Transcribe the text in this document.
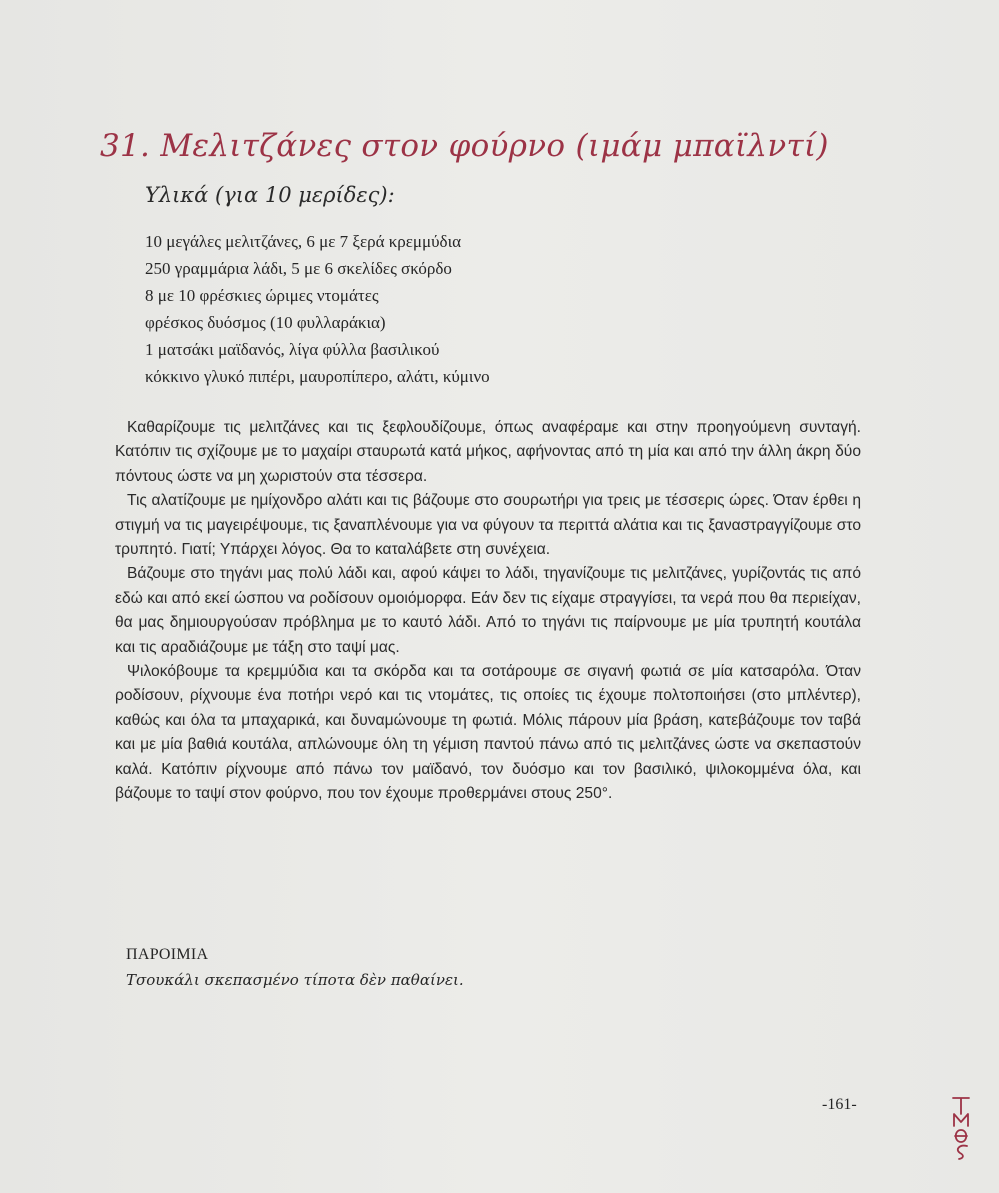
31. Μελιτζάνες στον φούρνο (ιμάμ μπαϊλντί)
Υλικά (για 10 μερίδες):
10 μεγάλες μελιτζάνες, 6 με 7 ξερά κρεμμύδια
250 γραμμάρια λάδι, 5 με 6 σκελίδες σκόρδο
8 με 10 φρέσκιες ώριμες ντομάτες
φρέσκος δυόσμος (10 φυλλαράκια)
1 ματσάκι μαϊδανός, λίγα φύλλα βασιλικού
κόκκινο γλυκό πιπέρι, μαυροπίπερο, αλάτι, κύμινο

Καθαρίζουμε τις μελιτζάνες και τις ξεφλουδίζουμε, όπως αναφέραμε και στην προηγούμενη συνταγή. Κατόπιν τις σχίζουμε με το μαχαίρι σταυρωτά κατά μήκος, αφήνοντας από τη μία και από την άλλη άκρη δύο πόντους ώστε να μη χωριστούν στα τέσσερα.

Τις αλατίζουμε με ημίχονδρο αλάτι και τις βάζουμε στο σουρωτήρι για τρεις με τέσσερις ώρες. Όταν έρθει η στιγμή να τις μαγειρέψουμε, τις ξαναπλένουμε για να φύγουν τα περιττά αλάτια και τις ξαναστραγγίζουμε στο τρυπητό. Γιατί; Υπάρχει λόγος. Θα το καταλάβετε στη συνέχεια.

Βάζουμε στο τηγάνι μας πολύ λάδι και, αφού κάψει το λάδι, τηγανίζουμε τις μελιτζάνες, γυρίζοντάς τις από εδώ και από εκεί ώσπου να ροδίσουν ομοιόμορφα. Εάν δεν τις είχαμε στραγγίσει, τα νερά που θα περιείχαν, θα μας δημιουργούσαν πρόβλημα με το καυτό λάδι. Από το τηγάνι τις παίρνουμε με μία τρυπητή κουτάλα και τις αραδιάζουμε με τάξη στο ταψί μας.

Ψιλοκόβουμε τα κρεμμύδια και τα σκόρδα και τα σοτάρουμε σε σιγανή φωτιά σε μία κατσαρόλα. Όταν ροδίσουν, ρίχνουμε ένα ποτήρι νερό και τις ντομάτες, τις οποίες τις έχουμε πολτοποιήσει (στο μπλέντερ), καθώς και όλα τα μπαχαρικά, και δυναμώνουμε τη φωτιά. Μόλις πάρουν μία βράση, κατεβάζουμε τον ταβά και με μία βαθιά κουτάλα, απλώνουμε όλη τη γέμιση παντού πάνω από τις μελιτζάνες ώστε να σκεπαστούν καλά. Κατόπιν ρίχνουμε από πάνω τον μαϊδανό, τον δυόσμο και τον βασιλικό, ψιλοκομμένα όλα, και βάζουμε το ταψί στον φούρνο, που τον έχουμε προθερμάνει στους 250°.

ΠΑΡΟΙΜΙΑ
Τσουκάλι σκεπασμένο τίποτα δὲν παθαίνει.
-161-
